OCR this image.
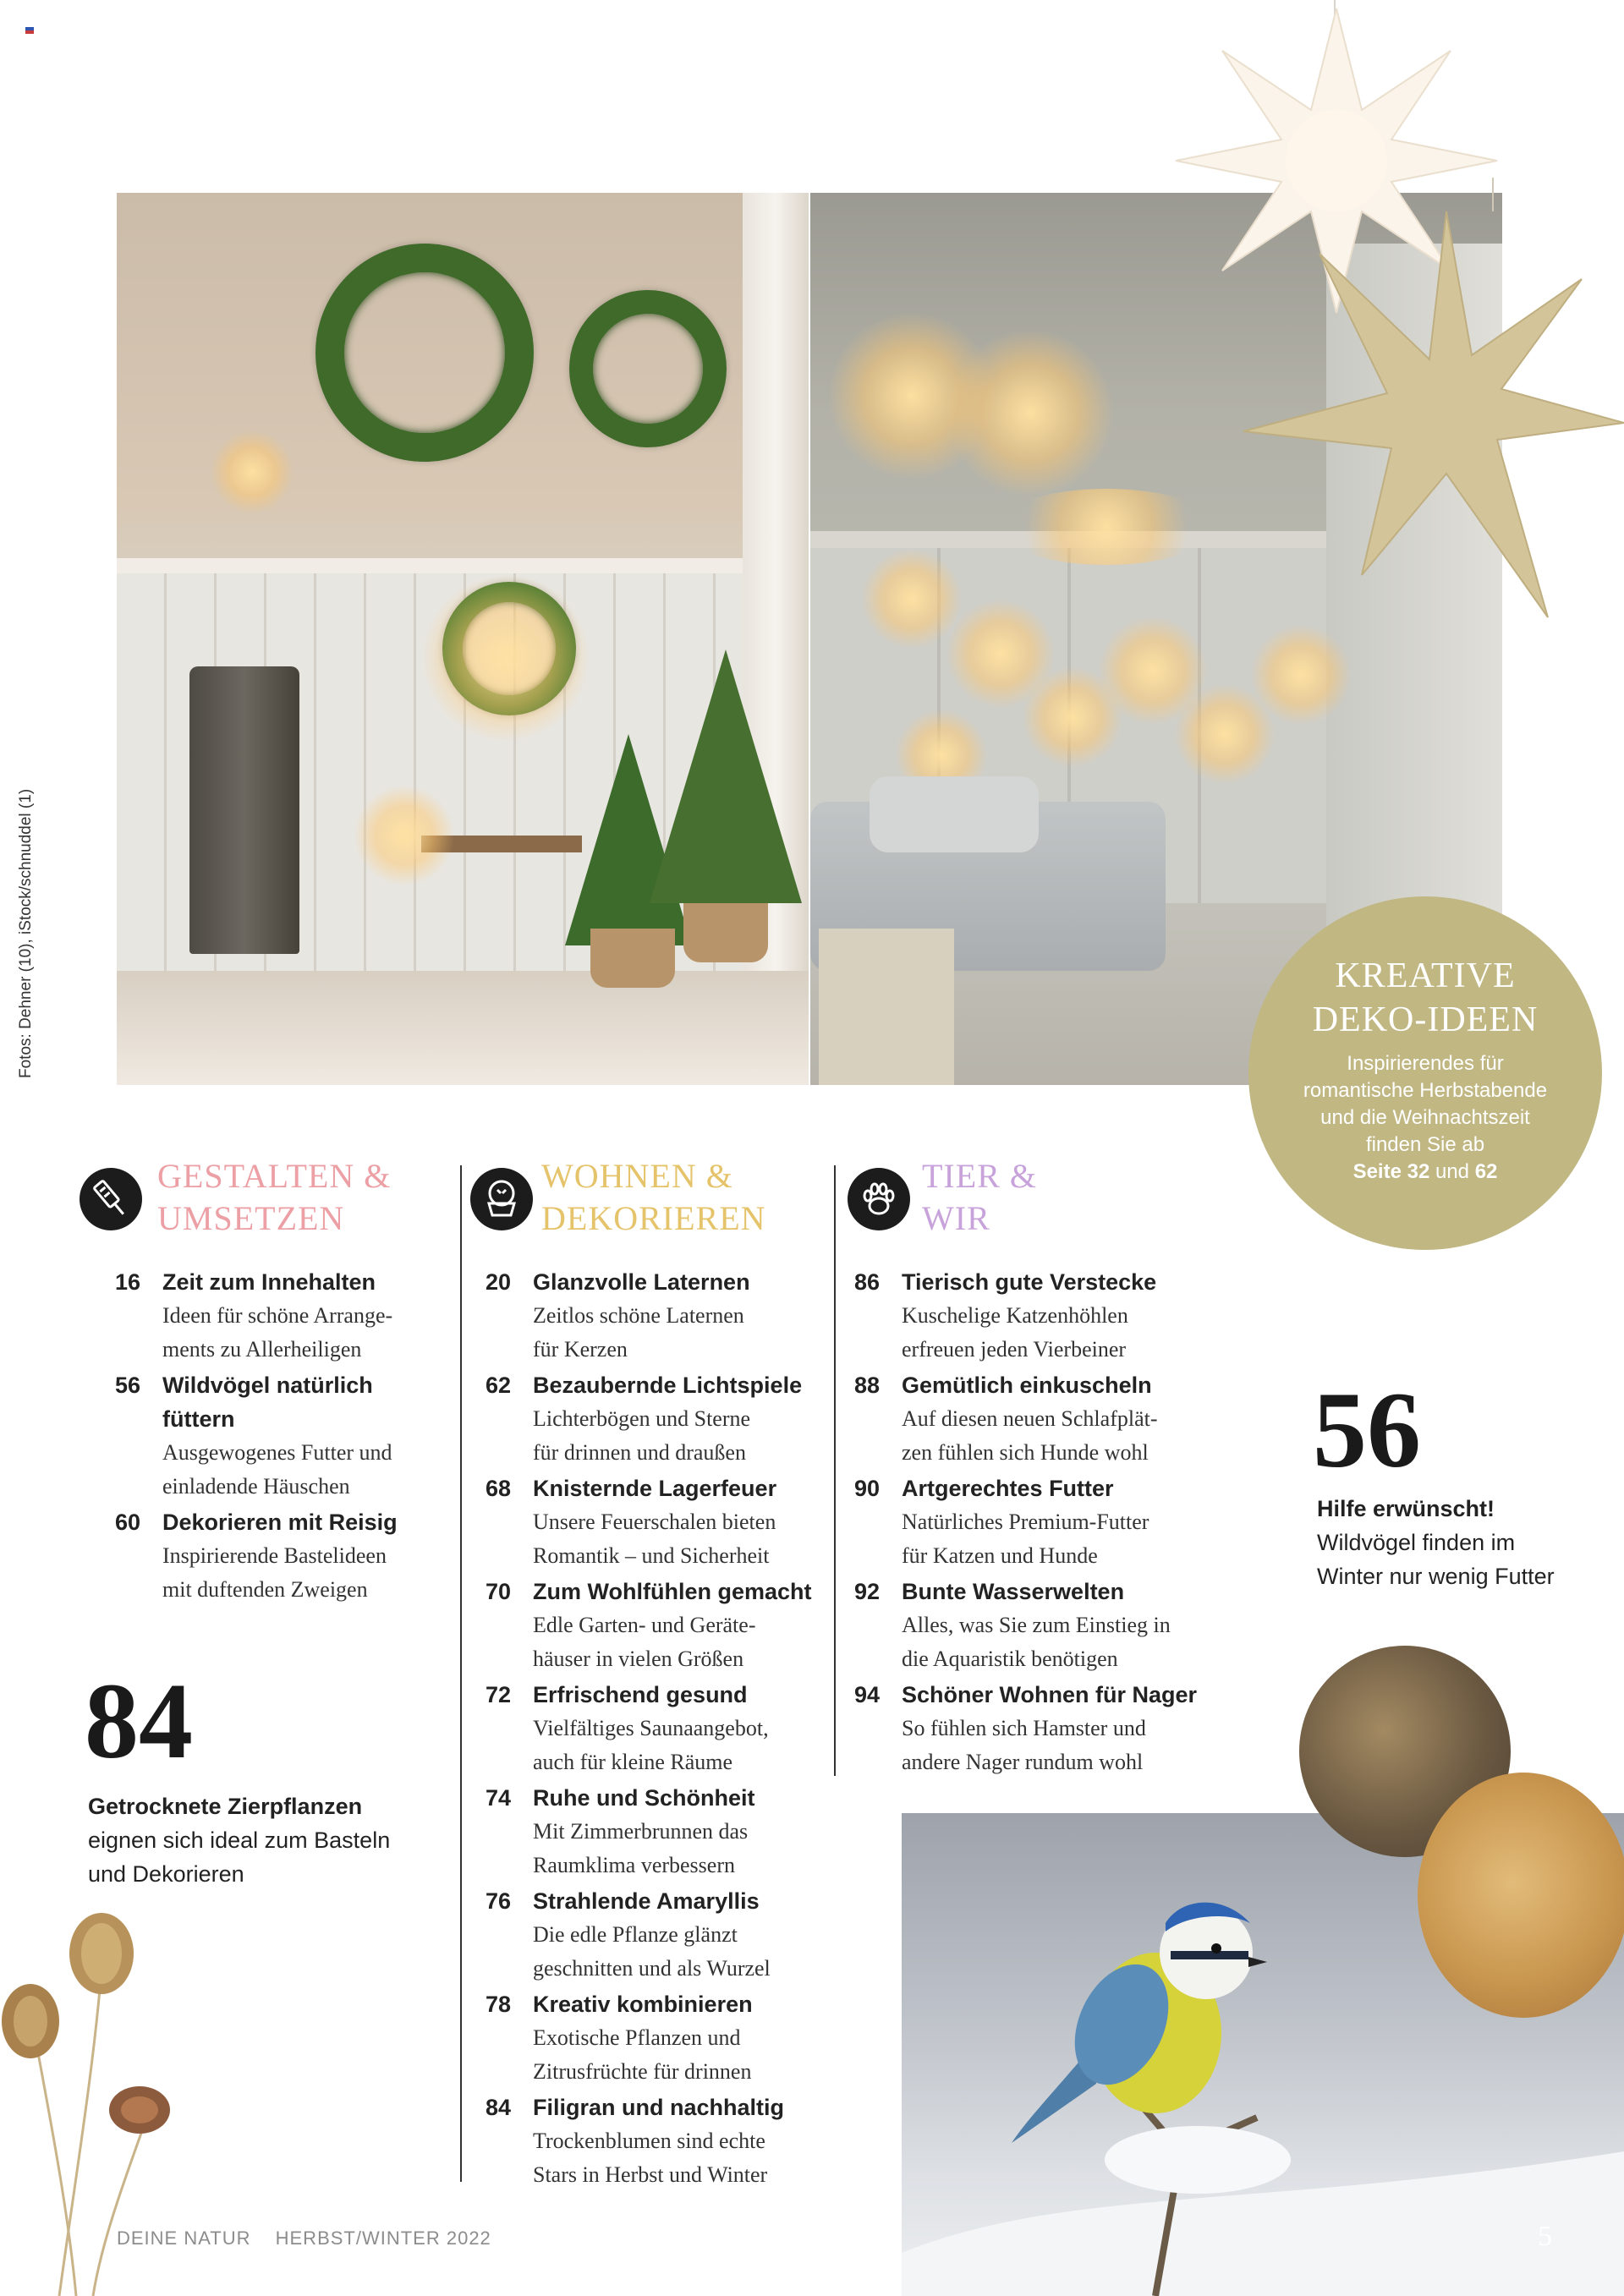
Fotos: Dehner (10), iStock/schnuddel (1)	KREATIVE
DEKO-IDEEN
Inspirierendes für
romantische Herbstabende
und die Weihnachtszeit
finden Sie ab
Seite 32 und 62
GESTALTEN &
UMSETZEN
WOHNEN &
DEKORIEREN
TIER &
WIR
16 Zeit zum Innehalten
Ideen für schöne Arrange-
ments zu Allerheiligen
56 Wildvögel natürlich
füttern
Ausgewogenes Futter und
einladende Häuschen
60 Dekorieren mit Reisig
Inspirierende Bastelideen
mit duftenden Zweigen
20 Glanzvolle Laternen
Zeitlos schöne Laternen
für Kerzen
62 Bezaubernde Lichtspiele
Lichterbögen und Sterne
für drinnen und draußen
68 Knisternde Lagerfeuer
Unsere Feuerschalen bieten
Romantik – und Sicherheit
70 Zum Wohlfühlen gemacht
Edle Garten- und Geräte-
häuser in vielen Größen
72 Erfrischend gesund
Vielfältiges Saunaangebot,
auch für kleine Räume
74 Ruhe und Schönheit
Mit Zimmerbrunnen das
Raumklima verbessern
76 Strahlende Amaryllis
Die edle Pflanze glänzt
geschnitten und als Wurzel
78 Kreativ kombinieren
Exotische Pflanzen und
Zitrusfrüchte für drinnen
84 Filigran und nachhaltig
Trockenblumen sind echte
Stars in Herbst und Winter
86 Tierisch gute Verstecke
Kuschelige Katzenhöhlen
erfreuen jeden Vierbeiner
88 Gemütlich einkuscheln
Auf diesen neuen Schlafplät-
zen fühlen sich Hunde wohl
90 Artgerechtes Futter
Natürliches Premium-Futter
für Katzen und Hunde
92 Bunte Wasserwelten
Alles, was Sie zum Einstieg in
die Aquaristik benötigen
94 Schöner Wohnen für Nager
So fühlen sich Hamster und
andere Nager rundum wohl
84
Getrocknete Zierpflanzen
eignen sich ideal zum Basteln
und Dekorieren
56
Hilfe erwünscht!
Wildvögel finden im
Winter nur wenig Futter
DEINE NATUR HERBST/WINTER 2022	5
